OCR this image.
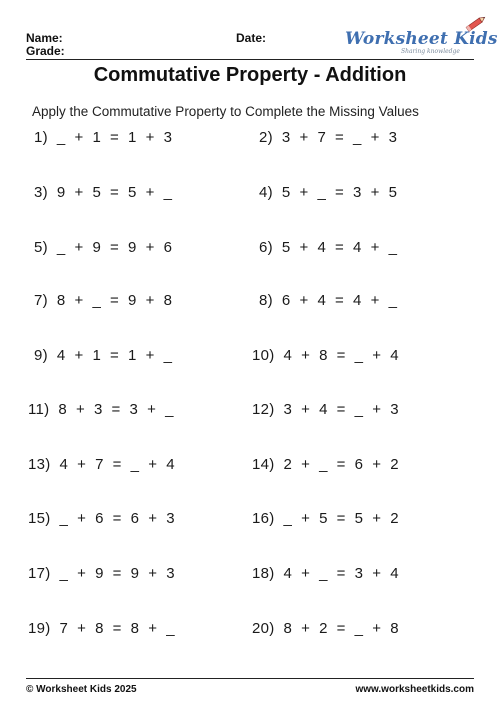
Name:
Grade:
Date:	Worksheet Kids
Sharing knowledge
Commutative Property - Addition
Apply the Commutative Property to Complete the Missing Values
1)  _  +  1  =  1  +  3	2)  3  +  7  =  _  +  3
3)  9  +  5  =  5  +  _	4)  5  +  _  =  3  +  5
5)  _  +  9  =  9  +  6	6)  5  +  4  =  4  +  _
7)  8  +  _  =  9  +  8	8)  6  +  4  =  4  +  _
9)  4  +  1  =  1  +  _	10)  4  +  8  =  _  +  4
11)  8  +  3  =  3  +  _	12)  3  +  4  =  _  +  3
13)  4  +  7  =  _  +  4	14)  2  +  _  =  6  +  2
15)  _  +  6  =  6  +  3	16)  _  +  5  =  5  +  2
17)  _  +  9  =  9  +  3	18)  4  +  _  =  3  +  4
19)  7  +  8  =  8  +  _	20)  8  +  2  =  _  +  8
© Worksheet Kids 2025	www.worksheetkids.com
